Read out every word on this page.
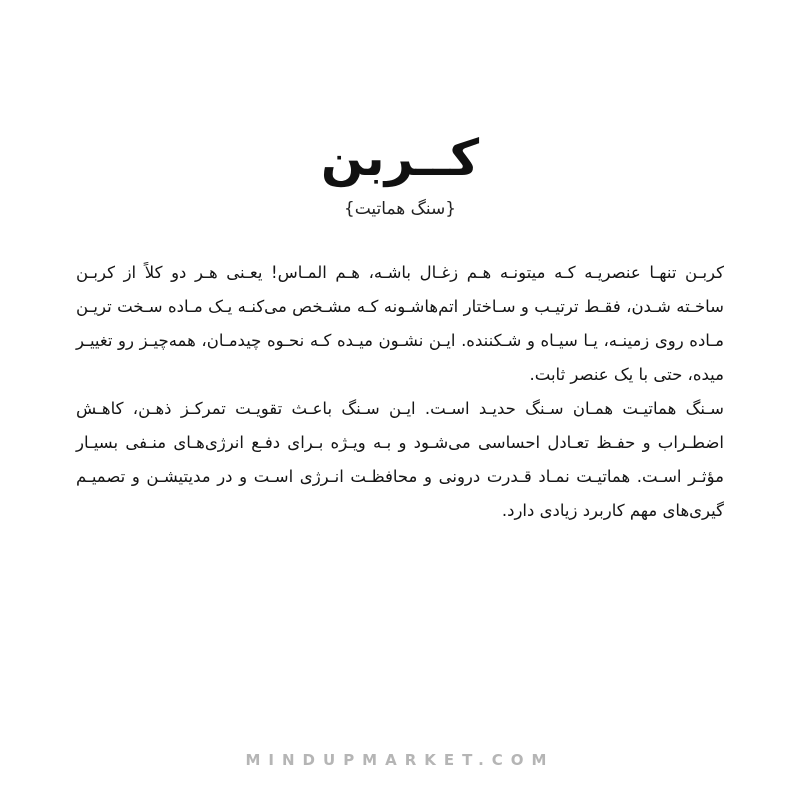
کــربن
{سنگ هماتیت}

کربـن تنهـا عنصریـه کـه میتونـه هـم زغـال باشـه، هـم المـاس! یعـنی هـر دو کلاً از کربـن ساخـته شـدن، فقـط ترتیـب و سـاختار اتم‌هاشـونه کـه مشـخص می‌کنـه یـک مـاده سـخت تریـن مـاده روی زمینـه، یـا سیـاه و شـکننده. ایـن نشـون میـده کـه نحـوه چیدمـان، همه‌چیـز رو تغییـر میده، حتی با یک عنصر ثابت.

سـنگ هماتیـت همـان سـنگ حدیـد اسـت. ایـن سـنگ باعـث تقویـت تمرکـز ذهـن، کاهـش اضطـراب و حفـظ تعـادل احساسی می‌شـود و بـه ویـژه بـرای دفـع انرژی‌هـای منـفی بسیـار مؤثـر اسـت. هماتیـت نمـاد قـدرت درونی و محافظـت انـرژی اسـت و در مدیتیشـن و تصمیـم گیری‌های مهم کاربرد زیادی دارد.

MINDUPMARKET.COM
